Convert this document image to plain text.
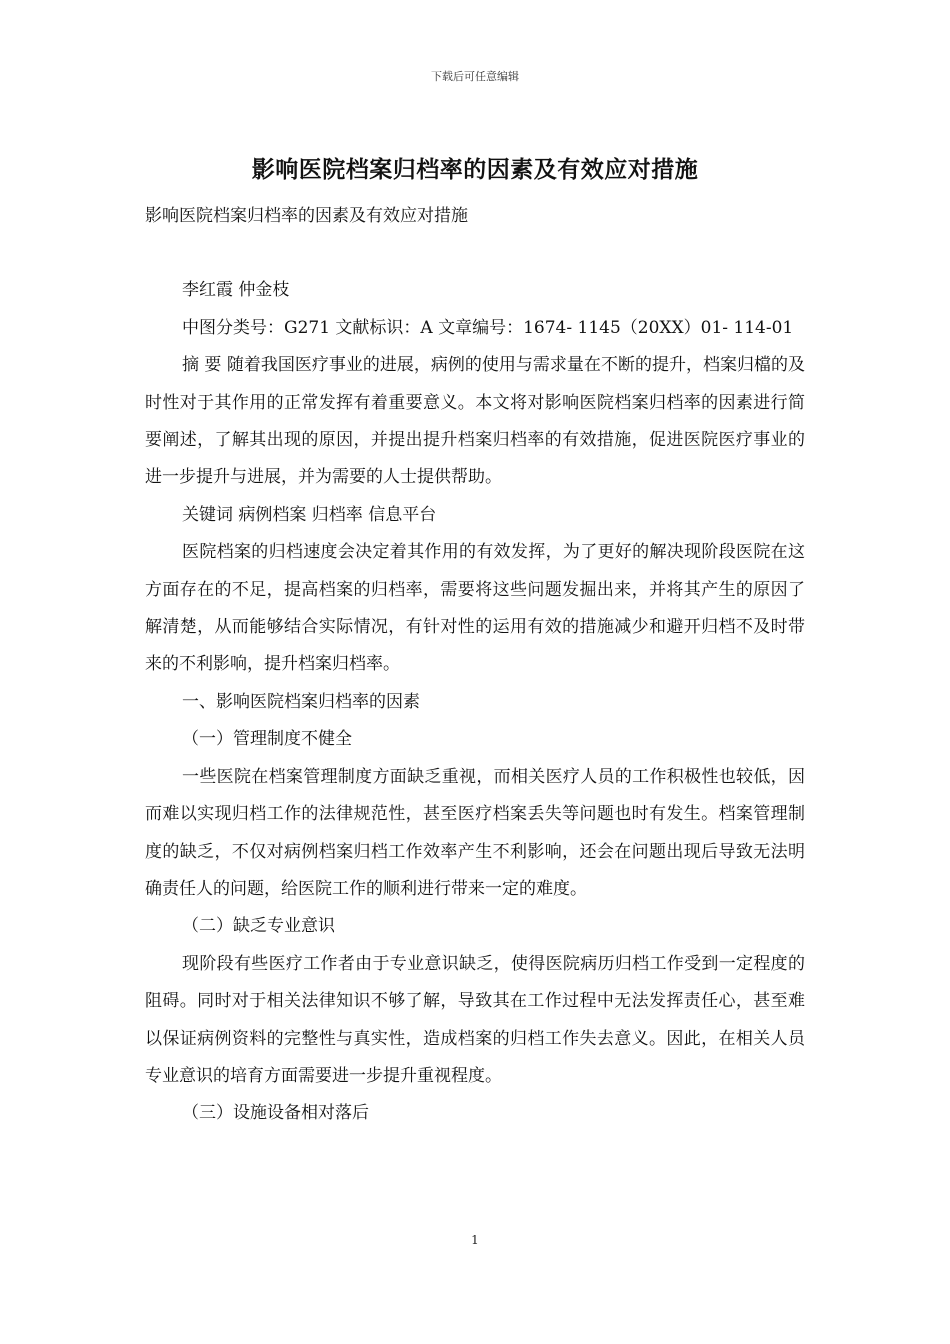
下载后可任意编辑
影响医院档案归档率的因素及有效应对措施

影响医院档案归档率的因素及有效应对措施

李红霞 仲金枝

中图分类号：G271 文献标识：A 文章编号：1674- 1145（20XX）01- 114-01

摘 要 随着我国医疗事业的进展，病例的使用与需求量在不断的提升，档案归檔的及时性对于其作用的正常发挥有着重要意义。本文将对影响医院档案归档率的因素进行简要阐述，了解其出现的原因，并提出提升档案归档率的有效措施，促进医院医疗事业的进一步提升与进展，并为需要的人士提供帮助。

关键词 病例档案 归档率 信息平台

医院档案的归档速度会决定着其作用的有效发挥，为了更好的解决现阶段医院在这方面存在的不足，提高档案的归档率，需要将这些问题发掘出来，并将其产生的原因了解清楚，从而能够结合实际情况，有针对性的运用有效的措施减少和避开归档不及时带来的不利影响，提升档案归档率。

一、影响医院档案归档率的因素

（一）管理制度不健全

一些医院在档案管理制度方面缺乏重视，而相关医疗人员的工作积极性也较低，因而难以实现归档工作的法律规范性，甚至医疗档案丢失等问题也时有发生。档案管理制度的缺乏，不仅对病例档案归档工作效率产生不利影响，还会在问题出现后导致无法明确责任人的问题，给医院工作的顺利进行带来一定的难度。

（二）缺乏专业意识

现阶段有些医疗工作者由于专业意识缺乏，使得医院病历归档工作受到一定程度的阻碍。同时对于相关法律知识不够了解，导致其在工作过程中无法发挥责任心，甚至难以保证病例资料的完整性与真实性，造成档案的归档工作失去意义。因此，在相关人员专业意识的培育方面需要进一步提升重视程度。

（三）设施设备相对落后

1
